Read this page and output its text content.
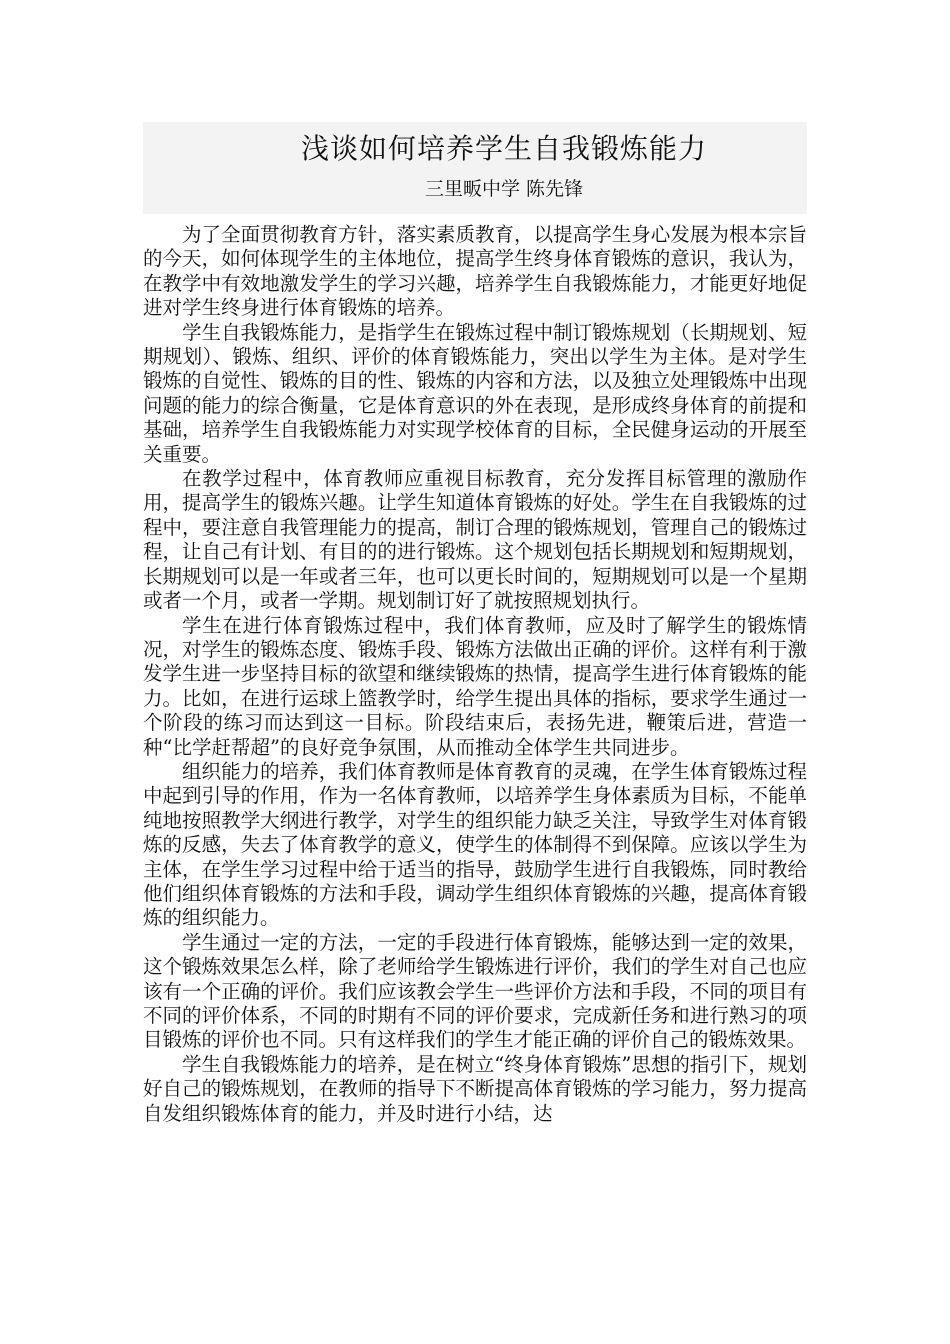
浅谈如何培养学生自我锻炼能力
三里畈中学 陈先锋

为了全面贯彻教育方针，落实素质教育，以提高学生身心发展为根本宗旨的今天，如何体现学生的主体地位，提高学生终身体育锻炼的意识，我认为，在教学中有效地激发学生的学习兴趣，培养学生自我锻炼能力，才能更好地促进对学生终身进行体育锻炼的培养。

学生自我锻炼能力，是指学生在锻炼过程中制订锻炼规划（长期规划、短期规划）、锻炼、组织、评价的体育锻炼能力，突出以学生为主体。是对学生锻炼的自觉性、锻炼的目的性、锻炼的内容和方法，以及独立处理锻炼中出现问题的能力的综合衡量，它是体育意识的外在表现，是形成终身体育的前提和基础，培养学生自我锻炼能力对实现学校体育的目标，全民健身运动的开展至关重要。

在教学过程中，体育教师应重视目标教育，充分发挥目标管理的激励作用，提高学生的锻炼兴趣。让学生知道体育锻炼的好处。学生在自我锻炼的过程中，要注意自我管理能力的提高，制订合理的锻炼规划，管理自己的锻炼过程，让自己有计划、有目的的进行锻炼。这个规划包括长期规划和短期规划，长期规划可以是一年或者三年，也可以更长时间的，短期规划可以是一个星期或者一个月，或者一学期。规划制订好了就按照规划执行。

学生在进行体育锻炼过程中，我们体育教师，应及时了解学生的锻炼情况，对学生的锻炼态度、锻炼手段、锻炼方法做出正确的评价。这样有利于激发学生进一步坚持目标的欲望和继续锻炼的热情，提高学生进行体育锻炼的能力。比如，在进行运球上篮教学时，给学生提出具体的指标，要求学生通过一个阶段的练习而达到这一目标。阶段结束后，表扬先进，鞭策后进，营造一种“比学赶帮超”的良好竞争氛围，从而推动全体学生共同进步。

组织能力的培养，我们体育教师是体育教育的灵魂，在学生体育锻炼过程中起到引导的作用，作为一名体育教师，以培养学生身体素质为目标，不能单纯地按照教学大纲进行教学，对学生的组织能力缺乏关注，导致学生对体育锻炼的反感，失去了体育教学的意义，使学生的体制得不到保障。应该以学生为主体，在学生学习过程中给于适当的指导，鼓励学生进行自我锻炼，同时教给他们组织体育锻炼的方法和手段，调动学生组织体育锻炼的兴趣，提高体育锻炼的组织能力。

学生通过一定的方法，一定的手段进行体育锻炼，能够达到一定的效果，这个锻炼效果怎么样，除了老师给学生锻炼进行评价，我们的学生对自己也应该有一个正确的评价。我们应该教会学生一些评价方法和手段，不同的项目有不同的评价体系，不同的时期有不同的评价要求，完成新任务和进行熟习的项目锻炼的评价也不同。只有这样我们的学生才能正确的评价自己的锻炼效果。

学生自我锻炼能力的培养，是在树立“终身体育锻炼”思想的指引下，规划好自己的锻炼规划，在教师的指导下不断提高体育锻炼的学习能力，努力提高自发组织锻炼体育的能力，并及时进行小结，达
